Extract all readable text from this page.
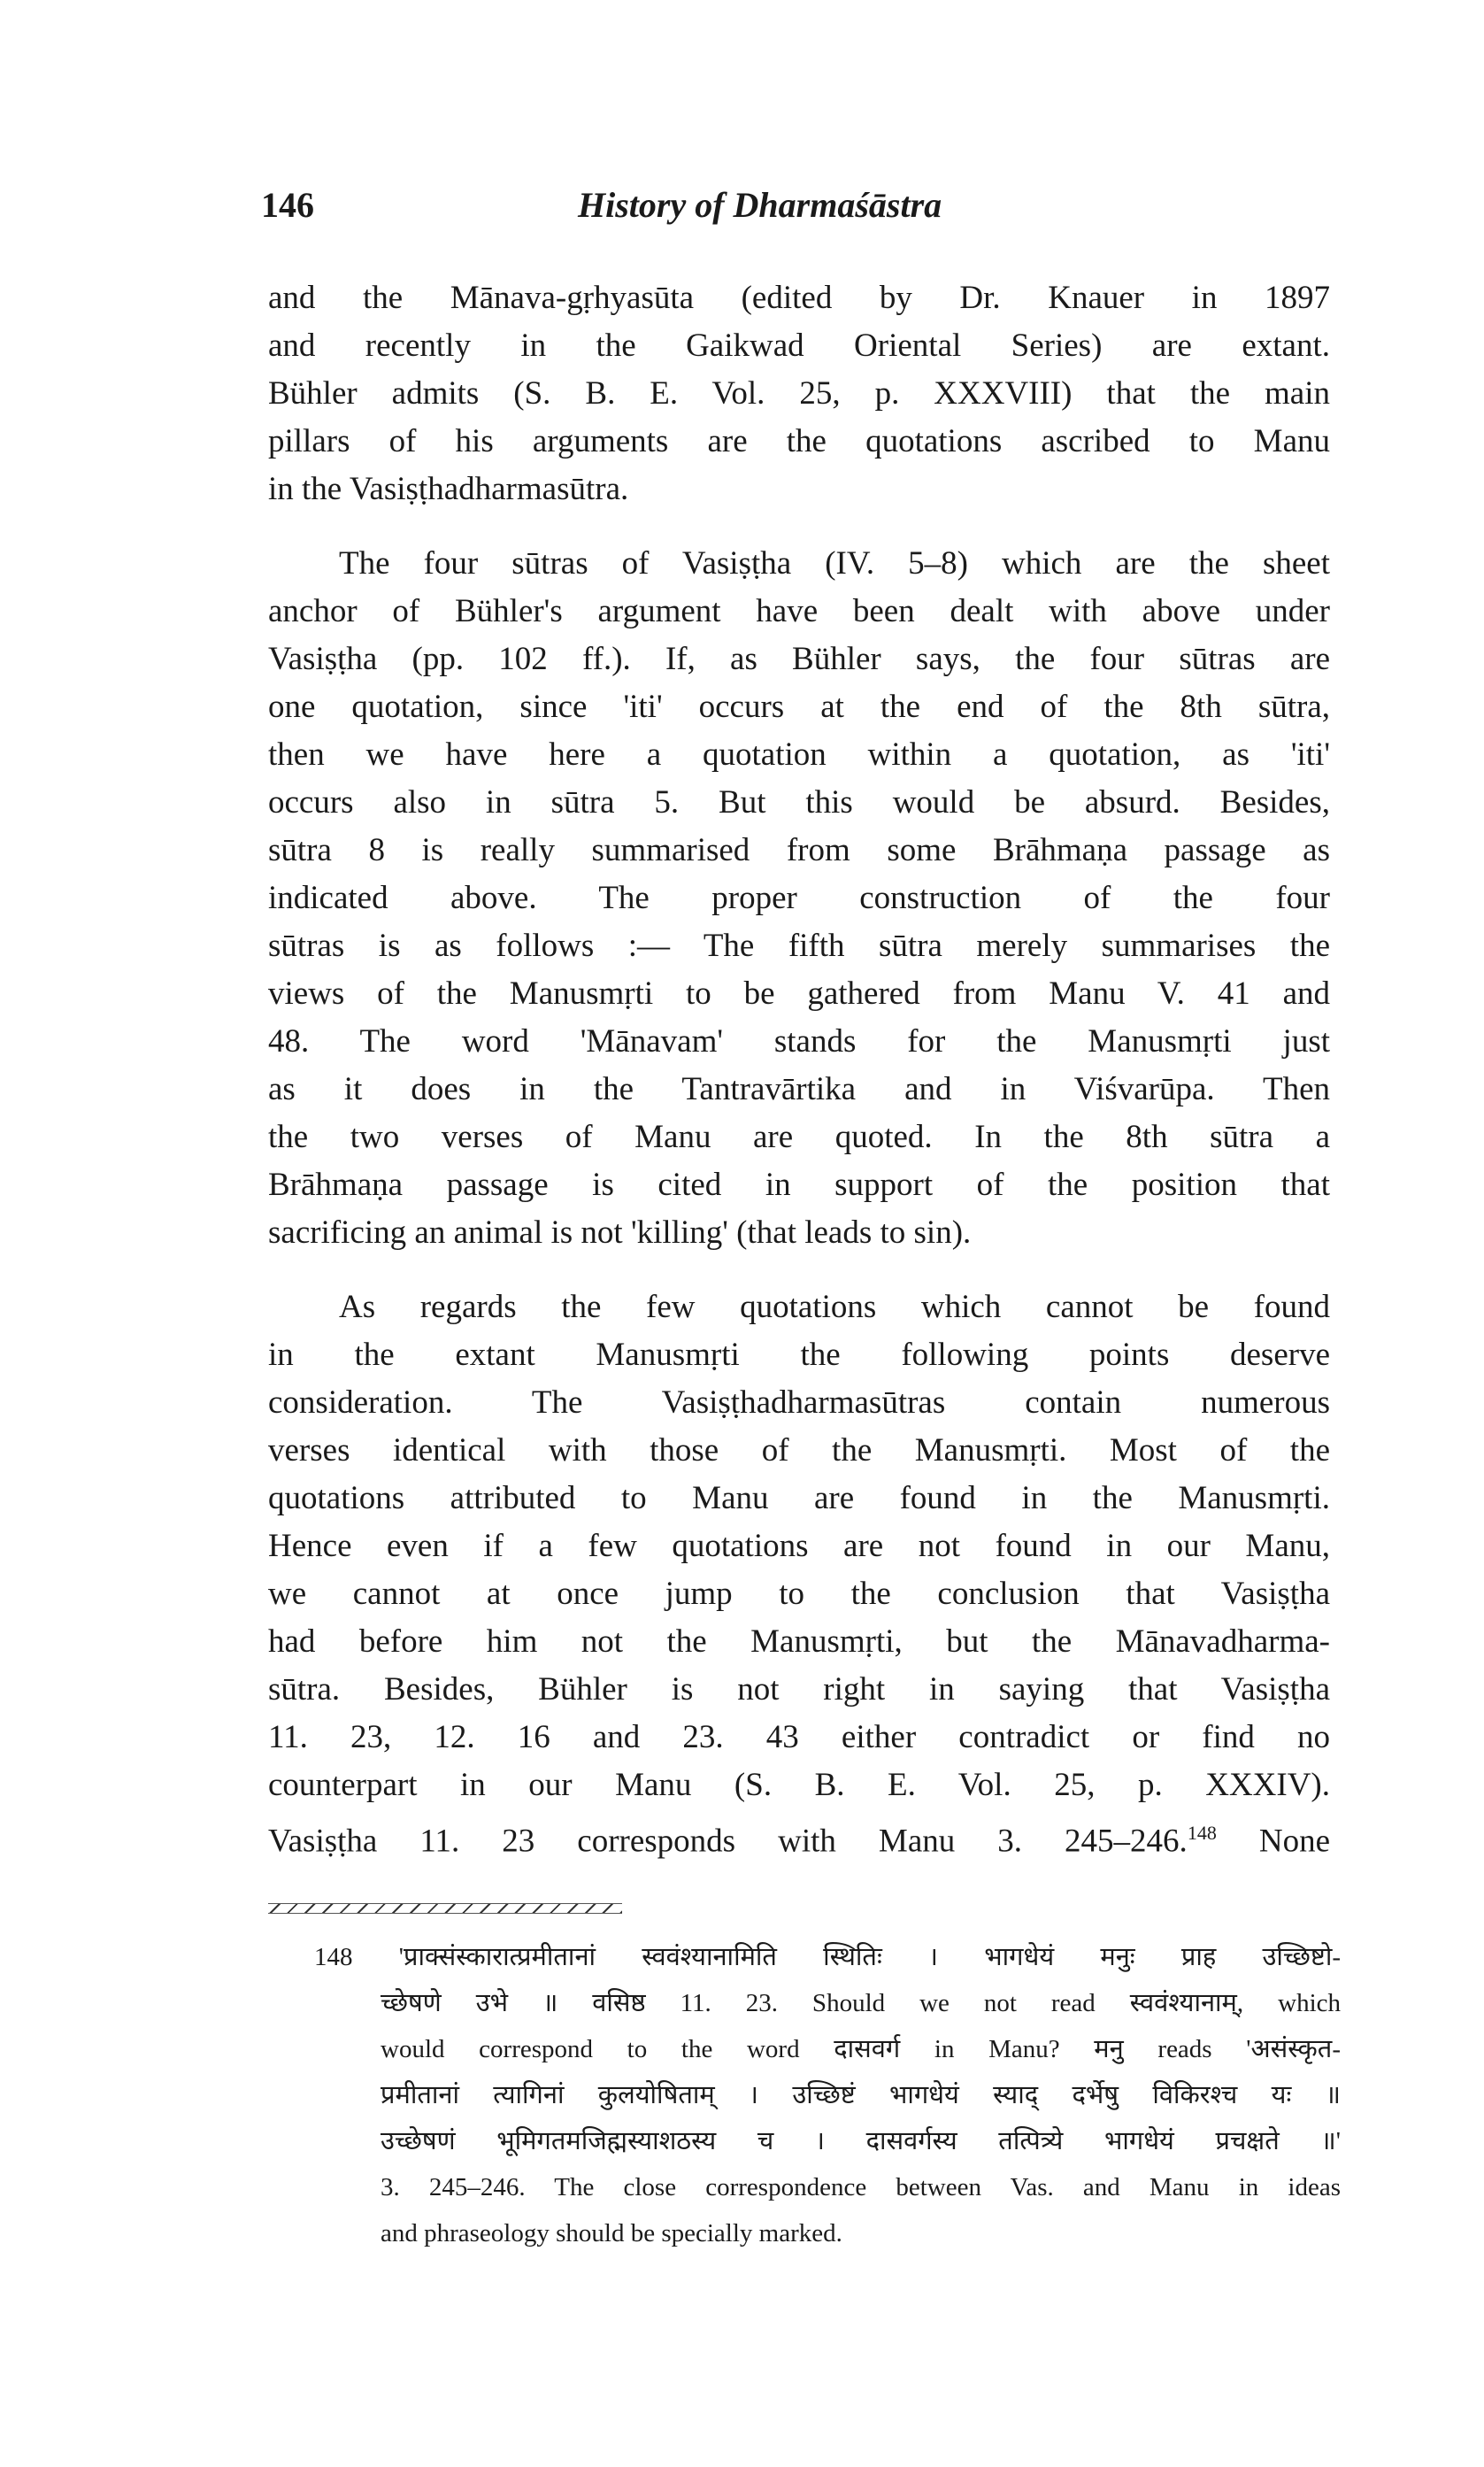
146	History of Dharmaśāstra

and the Mānava-gṛhyasūta (edited by Dr. Knauer in 1897
and recently in the Gaikwad Oriental Series) are extant.
Bühler admits (S. B. E. Vol. 25, p. XXXVIII) that the main
pillars of his arguments are the quotations ascribed to Manu
in the Vasiṣṭhadharmasūtra.

The four sūtras of Vasiṣṭha (IV. 5–8) which are the sheet
anchor of Bühler's argument have been dealt with above under
Vasiṣṭha (pp. 102 ff.). If, as Bühler says, the four sūtras are
one quotation, since 'iti' occurs at the end of the 8th sūtra,
then we have here a quotation within a quotation, as 'iti'
occurs also in sūtra 5. But this would be absurd. Besides,
sūtra 8 is really summarised from some Brāhmaṇa passage as
indicated above. The proper construction of the four
sūtras is as follows :— The fifth sūtra merely summarises the
views of the Manusmṛti to be gathered from Manu V. 41 and
48. The word 'Mānavam' stands for the Manusmṛti just
as it does in the Tantravārtika and in Viśvarūpa. Then
the two verses of Manu are quoted. In the 8th sūtra a
Brāhmaṇa passage is cited in support of the position that
sacrificing an animal is not 'killing' (that leads to sin).

As regards the few quotations which cannot be found
in the extant Manusmṛti the following points deserve
consideration. The Vasiṣṭhadharmasūtras contain numerous
verses identical with those of the Manusmṛti. Most of the
quotations attributed to Manu are found in the Manusmṛti.
Hence even if a few quotations are not found in our Manu,
we cannot at once jump to the conclusion that Vasiṣṭha
had before him not the Manusmṛti, but the Mānavadharma-
sūtra. Besides, Bühler is not right in saying that Vasiṣṭha
11. 23, 12. 16 and 23. 43 either contradict or find no
counterpart in our Manu (S. B. E. Vol. 25, p. XXXIV).
Vasiṣṭha 11. 23 corresponds with Manu 3. 245–246.$^{148}$ None

148 'प्राक्संस्कारात्प्रमीतानां स्ववंश्यानामिति स्थितिः । भागधेयं मनुः प्राह उच्छिष्टो-
च्छेषणे उभे ॥ वसिष्ठ 11. 23. Should we not read स्ववंश्यानाम्, which
would correspond to the word दासवर्ग in Manu? मनु reads 'असंस्कृत-
प्रमीतानां त्यागिनां कुलयोषिताम् । उच्छिष्टं भागधेयं स्याद् दर्भेषु विकिरश्च यः ॥
उच्छेषणं भूमिगतमजिह्मस्याशठस्य च । दासवर्गस्य तत्पित्र्ये भागधेयं प्रचक्षते ॥'
3. 245–246. The close correspondence between Vas. and Manu in ideas
and phraseology should be specially marked.
